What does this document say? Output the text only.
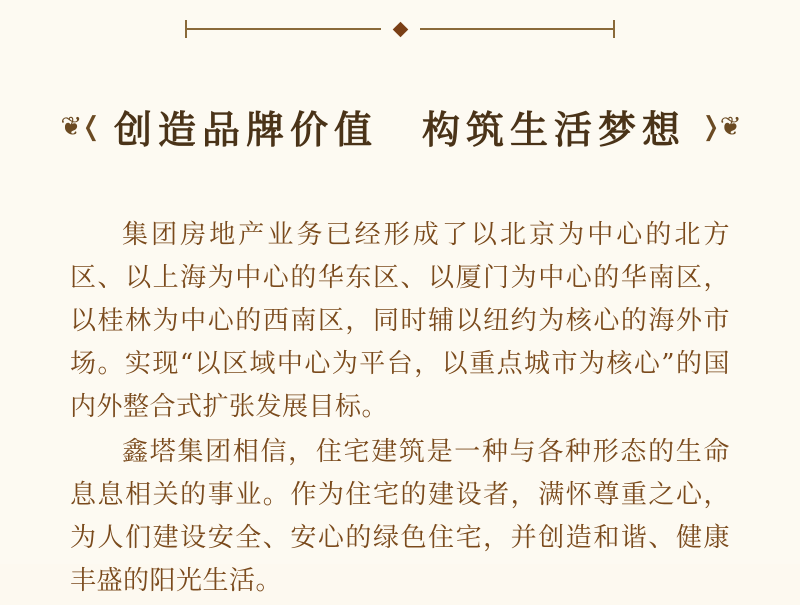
❦❬ 创造品牌价值　构筑生活梦想 ❭❦

集团房地产业务已经形成了以北京为中心的北方区、以上海为中心的华东区、以厦门为中心的华南区，以桂林为中心的西南区，同时辅以纽约为核心的海外市场。实现“以区域中心为平台，以重点城市为核心”的国内外整合式扩张发展目标。

鑫塔集团相信，住宅建筑是一种与各种形态的生命息息相关的事业。作为住宅的建设者，满怀尊重之心，为人们建设安全、安心的绿色住宅，并创造和谐、健康丰盛的阳光生活。
